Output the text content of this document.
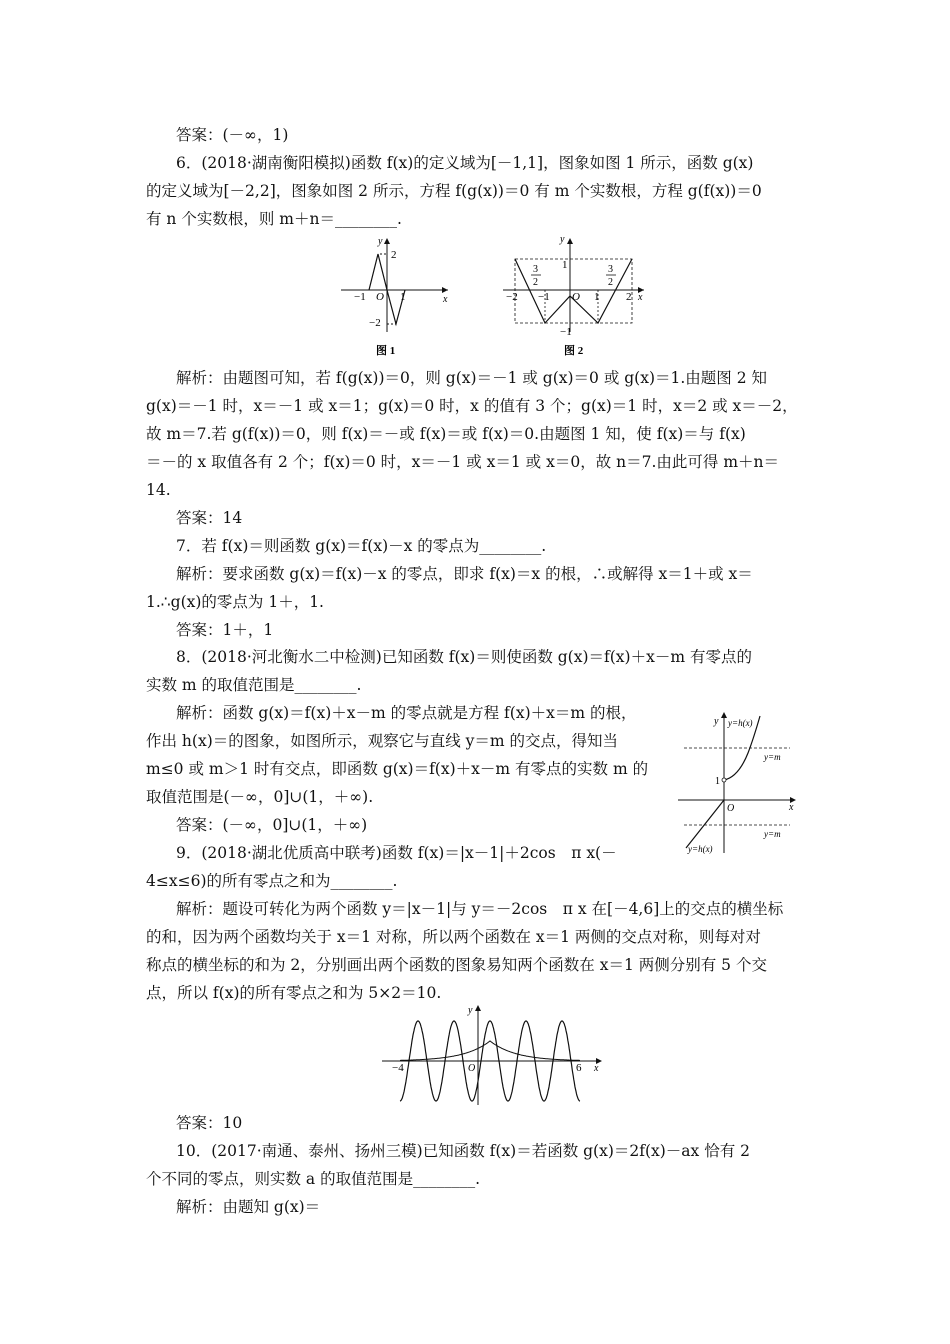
答案：(－∞，1)
6．(2018·湖南衡阳模拟)函数 f(x)的定义域为[－1,1]，图象如图 1 所示，函数 g(x)
的定义域为[－2,2]，图象如图 2 所示，方程 f(g(x))＝0 有 m 个实数根，方程 g(f(x))＝0
有 n 个实数根，则 m＋n＝________.
y
x
2
−2
−1	1
O
图 1
y
x
1
−1
−2 −1	1 2
O
3
2
3
2
图 2
解析：由题图可知，若 f(g(x))＝0，则 g(x)＝－1 或 g(x)＝0 或 g(x)＝1.由题图 2 知
g(x)＝－1 时，x＝－1 或 x＝1；g(x)＝0 时，x 的值有 3 个；g(x)＝1 时，x＝2 或 x＝－2，
故 m＝7.若 g(f(x))＝0，则 f(x)＝－或 f(x)＝或 f(x)＝0.由题图 1 知，使 f(x)＝与 f(x)
＝－的 x 取值各有 2 个；f(x)＝0 时，x＝－1 或 x＝1 或 x＝0，故 n＝7.由此可得 m＋n＝
14.
答案：14
7．若 f(x)＝则函数 g(x)＝f(x)－x 的零点为________.
解析：要求函数 g(x)＝f(x)－x 的零点，即求 f(x)＝x 的根，∴或解得 x＝1＋或 x＝
1.∴g(x)的零点为 1＋，1.
答案：1＋，1
8．(2018·河北衡水二中检测)已知函数 f(x)＝则使函数 g(x)＝f(x)＋x－m 有零点的
实数 m 的取值范围是________.
解析：函数 g(x)＝f(x)＋x－m 的零点就是方程 f(x)＋x＝m 的根，
作出 h(x)＝的图象，如图所示，观察它与直线 y＝m 的交点，得知当
m≤0 或 m＞1 时有交点，即函数 g(x)＝f(x)＋x－m 有零点的实数 m 的
取值范围是(－∞，0]∪(1，＋∞).
答案：(－∞，0]∪(1，＋∞)
9．(2018·湖北优质高中联考)函数 f(x)＝|x－1|＋2cos　π x(－
4≤x≤6)的所有零点之和为________.
y
x
O
1
y=h(x)
y=h(x)
y=m
y=m
解析：题设可转化为两个函数 y＝|x－1|与 y＝－2cos　π x 在[－4,6]上的交点的横坐标
的和，因为两个函数均关于 x＝1 对称，所以两个函数在 x＝1 两侧的交点对称，则每对对
称点的横坐标的和为 2，分别画出两个函数的图象易知两个函数在 x＝1 两侧分别有 5 个交
点，所以 f(x)的所有零点之和为 5×2＝10.
y
x
O
−4	6
答案：10
10．(2017·南通、泰州、扬州三模)已知函数 f(x)＝若函数 g(x)＝2f(x)－ax 恰有 2
个不同的零点，则实数 a 的取值范围是________.
解析：由题知 g(x)＝
